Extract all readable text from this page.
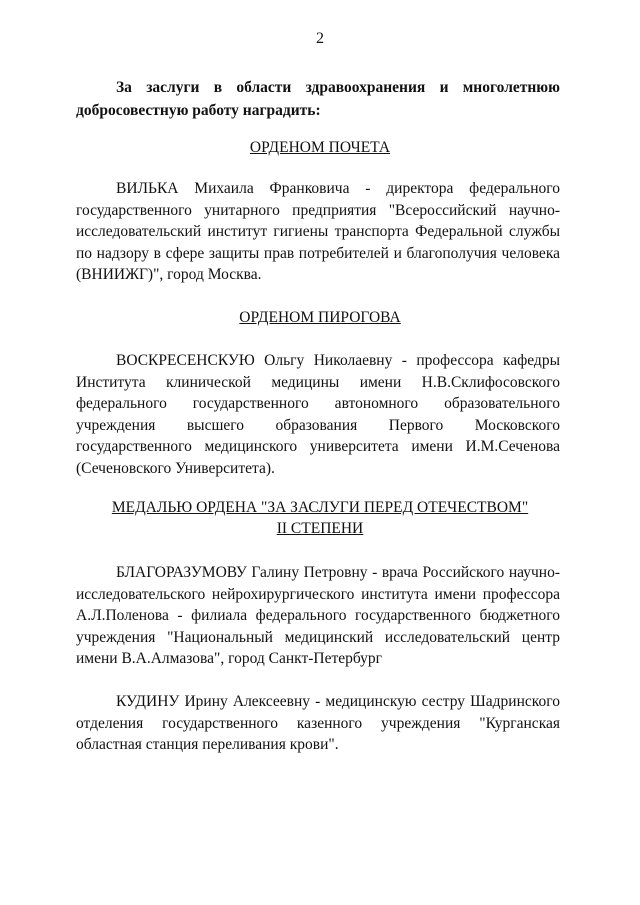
2
За заслуги в области здравоохранения и многолетнюю добросовестную работу наградить:
ОРДЕНОМ ПОЧЕТА
ВИЛЬКА Михаила Франковича - директора федерального государственного унитарного предприятия "Всероссийский научно-исследовательский институт гигиены транспорта Федеральной службы по надзору в сфере защиты прав потребителей и благополучия человека (ВНИИЖГ)", город Москва.
ОРДЕНОМ ПИРОГОВА
ВОСКРЕСЕНСКУЮ Ольгу Николаевну - профессора кафедры Института клинической медицины имени Н.В.Склифосовского федерального государственного автономного образовательного учреждения высшего образования Первого Московского государственного медицинского университета имени И.М.Сеченова (Сеченовского Университета).
МЕДАЛЬЮ ОРДЕНА "ЗА ЗАСЛУГИ ПЕРЕД ОТЕЧЕСТВОМ"
II СТЕПЕНИ
БЛАГОРАЗУМОВУ Галину Петровну - врача Российского научно-исследовательского нейрохирургического института имени профессора А.Л.Поленова - филиала федерального государственного бюджетного учреждения "Национальный медицинский исследовательский центр имени В.А.Алмазова", город Санкт-Петербург
КУДИНУ Ирину Алексеевну - медицинскую сестру Шадринского отделения государственного казенного учреждения "Курганская областная станция переливания крови".
